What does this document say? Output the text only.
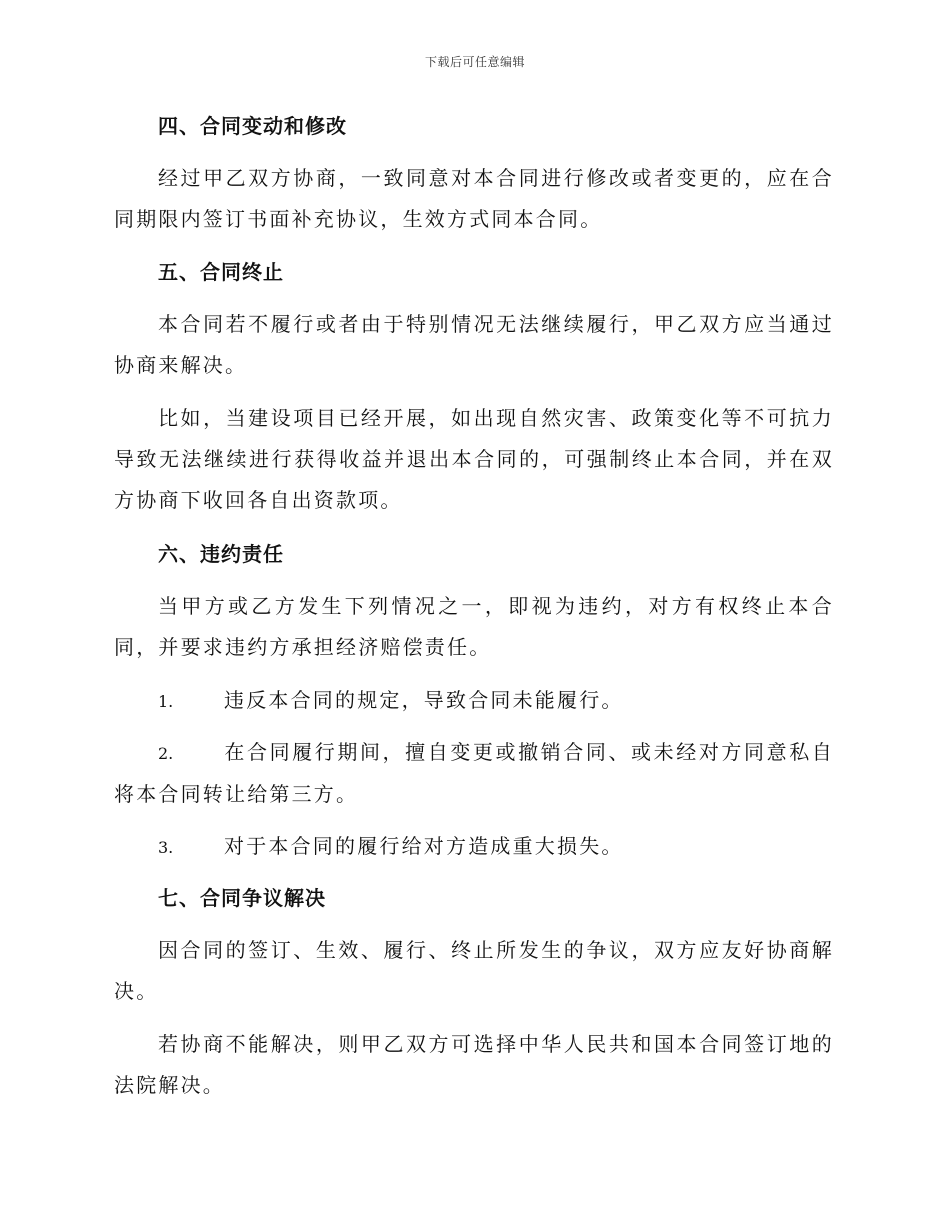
下载后可任意编辑
四、合同变动和修改
经过甲乙双方协商，一致同意对本合同进行修改或者变更的，应在合同期限内签订书面补充协议，生效方式同本合同。
五、合同终止
本合同若不履行或者由于特别情况无法继续履行，甲乙双方应当通过协商来解决。
比如，当建设项目已经开展，如出现自然灾害、政策变化等不可抗力导致无法继续进行获得收益并退出本合同的，可强制终止本合同，并在双方协商下收回各自出资款项。
六、违约责任
当甲方或乙方发生下列情况之一，即视为违约，对方有权终止本合同，并要求违约方承担经济赔偿责任。
1.	违反本合同的规定，导致合同未能履行。
2.	在合同履行期间，擅自变更或撤销合同、或未经对方同意私自将本合同转让给第三方。
3.	对于本合同的履行给对方造成重大损失。
七、合同争议解决
因合同的签订、生效、履行、终止所发生的争议，双方应友好协商解决。
若协商不能解决，则甲乙双方可选择中华人民共和国本合同签订地的法院解决。
